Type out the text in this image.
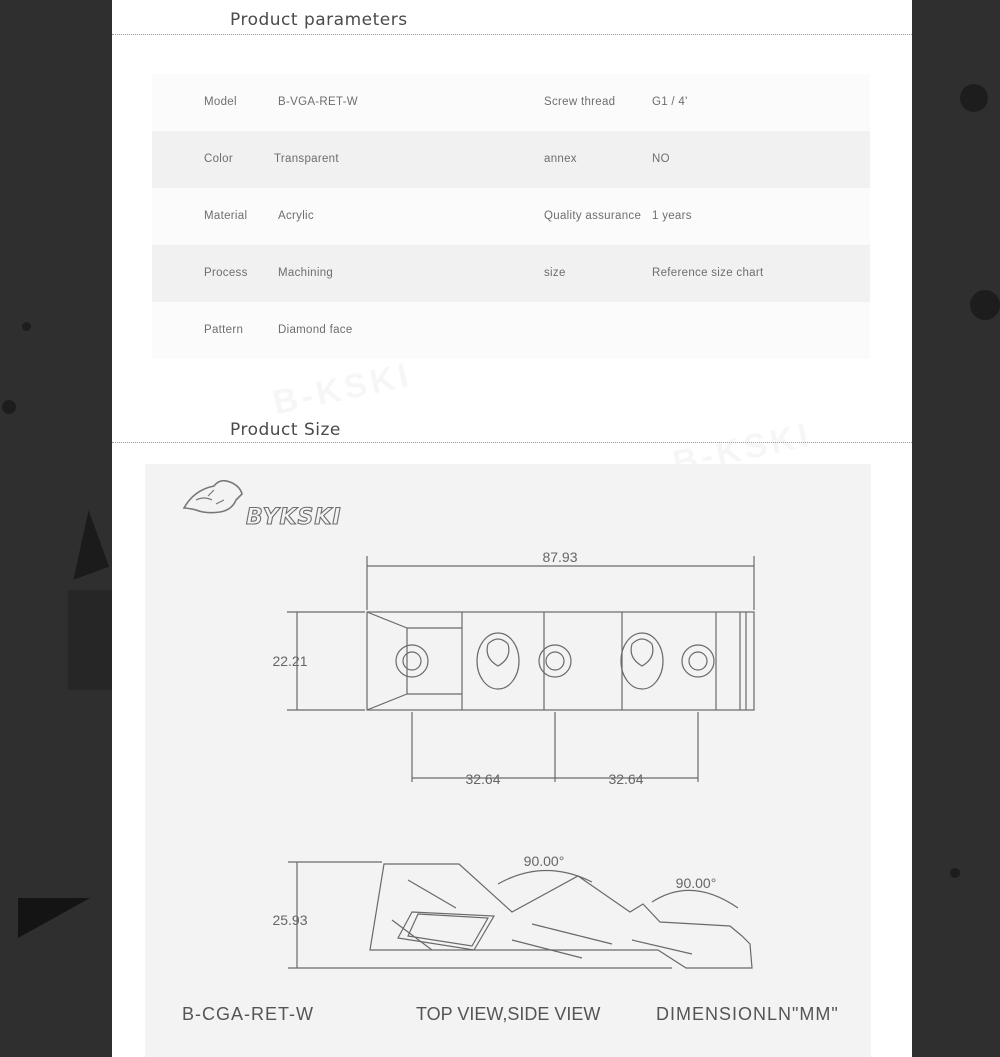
Product parameters
Model	B-VGA-RET-W	Screw thread	G1 / 4'
Color	Transparent	annex	NO
Material	Acrylic	Quality assurance 1 years
Process	Machining	size	Reference size chart
Pattern	Diamond face
Product Size
87.93
22.21
32.64	32.64
25.93
90.00°
90.00°
BYKSKI
B-CGA-RET-W	TOP VIEW,SIDE VIEW	DIMENSIONLN"MM"
